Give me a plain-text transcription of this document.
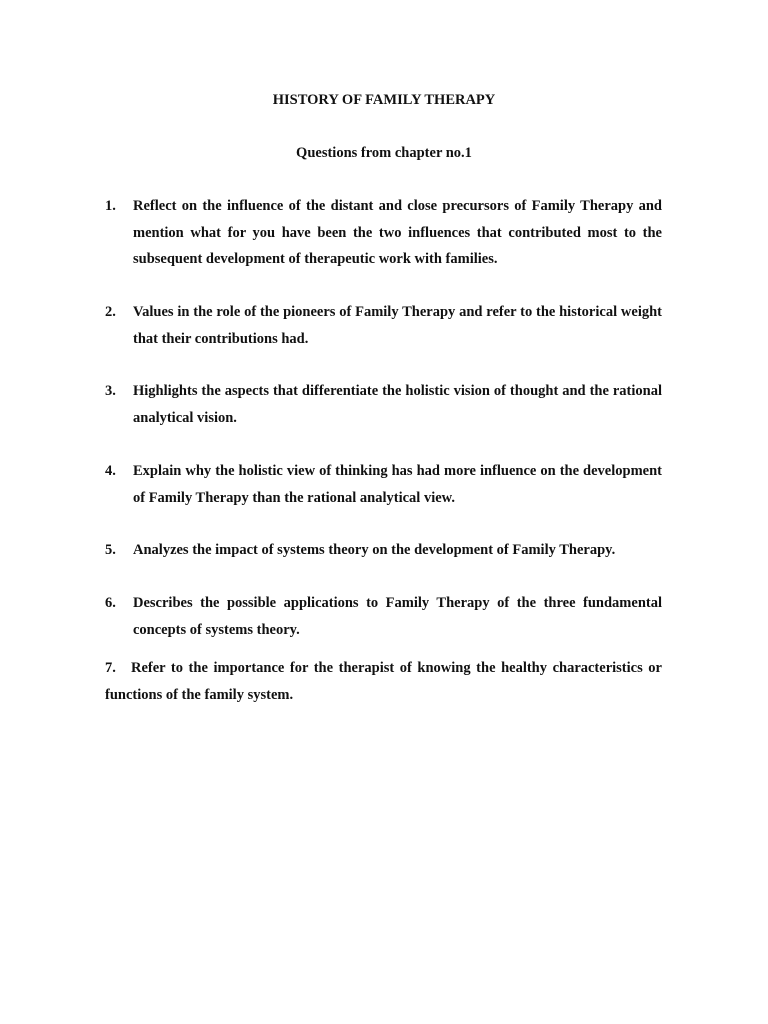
HISTORY OF FAMILY THERAPY
Questions from chapter no.1
1.	Reflect on the influence of the distant and close precursors of Family Therapy and mention what for you have been the two influences that contributed most to the subsequent development of therapeutic work with families.
2.	Values in the role of the pioneers of Family Therapy and refer to the historical weight that their contributions had.
3.	Highlights the aspects that differentiate the holistic vision of thought and the rational analytical vision.
4.	Explain why the holistic view of thinking has had more influence on the development of Family Therapy than the rational analytical view.
5.	Analyzes the impact of systems theory on the development of Family Therapy.
6.	Describes the possible applications to Family Therapy of the three fundamental concepts of systems theory.
7. Refer to the importance for the therapist of knowing the healthy characteristics or functions of the family system.
